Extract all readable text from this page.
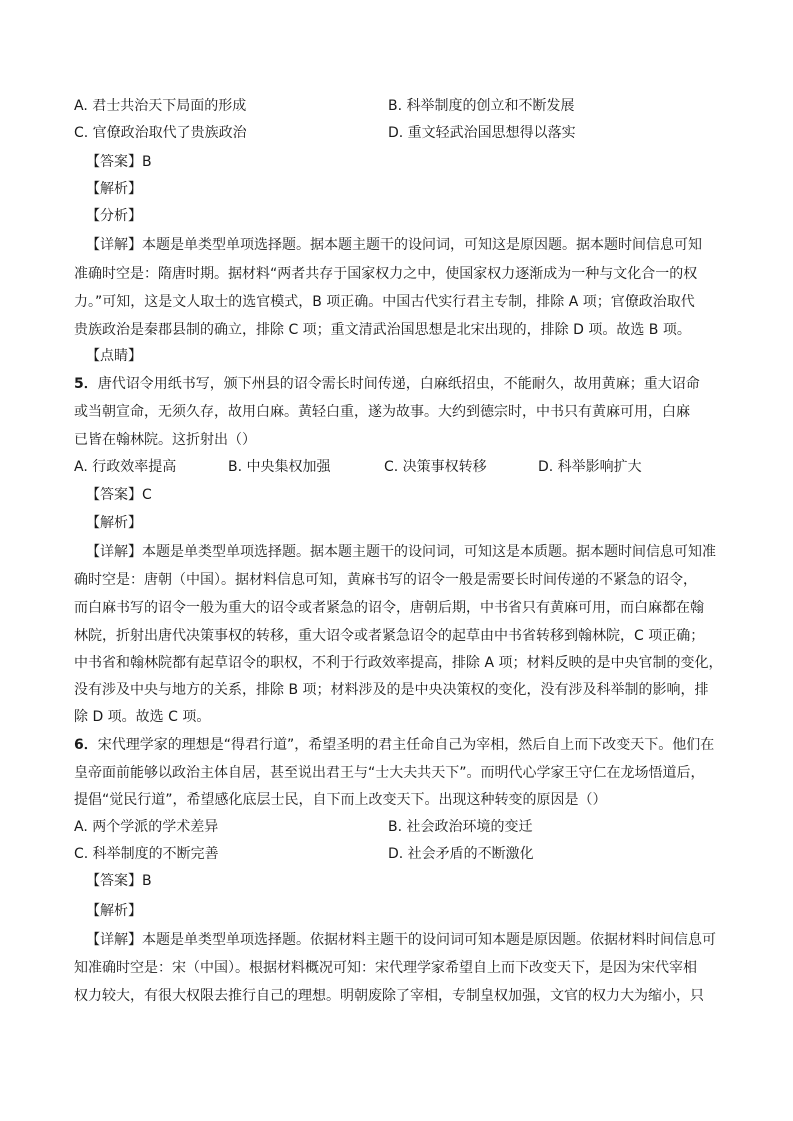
A. 君士共治天下局面的形成	B. 科举制度的创立和不断发展
C. 官僚政治取代了贵族政治	D. 重文轻武治国思想得以落实
【答案】B
【解析】
【分析】
【详解】本题是单类型单项选择题。据本题主题干的设问词，可知这是原因题。据本题时间信息可知
准确时空是：隋唐时期。据材料“两者共存于国家权力之中，使国家权力逐渐成为一种与文化合一的权
力。”可知，这是文人取士的选官模式，B 项正确。中国古代实行君主专制，排除 A 项；官僚政治取代
贵族政治是秦郡县制的确立，排除 C 项；重文清武治国思想是北宋出现的，排除 D 项。故选 B 项。
【点睛】
5．唐代诏令用纸书写，颁下州县的诏令需长时间传递，白麻纸招虫，不能耐久，故用黄麻；重大诏命
或当朝宣命，无须久存，故用白麻。黄轻白重，遂为故事。大约到德宗时，中书只有黄麻可用，白麻
已皆在翰林院。这折射出（）
A. 行政效率提高	B. 中央集权加强	C. 决策事权转移	D. 科举影响扩大
【答案】C
【解析】
【详解】本题是单类型单项选择题。据本题主题干的设问词，可知这是本质题。据本题时间信息可知准
确时空是：唐朝（中国）。据材料信息可知，黄麻书写的诏令一般是需要长时间传递的不紧急的诏令，
而白麻书写的诏令一般为重大的诏令或者紧急的诏令，唐朝后期，中书省只有黄麻可用，而白麻都在翰
林院，折射出唐代决策事权的转移，重大诏令或者紧急诏令的起草由中书省转移到翰林院，C 项正确；
中书省和翰林院都有起草诏令的职权，不利于行政效率提高，排除 A 项；材料反映的是中央官制的变化，
没有涉及中央与地方的关系，排除 B 项；材料涉及的是中央决策权的变化，没有涉及科举制的影响，排
除 D 项。故选 C 项。
6．宋代理学家的理想是“得君行道”，希望圣明的君主任命自己为宰相，然后自上而下改变天下。他们在
皇帝面前能够以政治主体自居，甚至说出君王与“士大夫共天下”。而明代心学家王守仁在龙场悟道后，
提倡“觉民行道”，希望感化底层士民，自下而上改变天下。出现这种转变的原因是（）
A. 两个学派的学术差异	B. 社会政治环境的变迁
C. 科举制度的不断完善	D. 社会矛盾的不断激化
【答案】B
【解析】
【详解】本题是单类型单项选择题。依据材料主题干的设问词可知本题是原因题。依据材料时间信息可
知准确时空是：宋（中国）。根据材料概况可知：宋代理学家希望自上而下改变天下，是因为宋代宰相
权力较大，有很大权限去推行自己的理想。明朝废除了宰相，专制皇权加强，文官的权力大为缩小，只
